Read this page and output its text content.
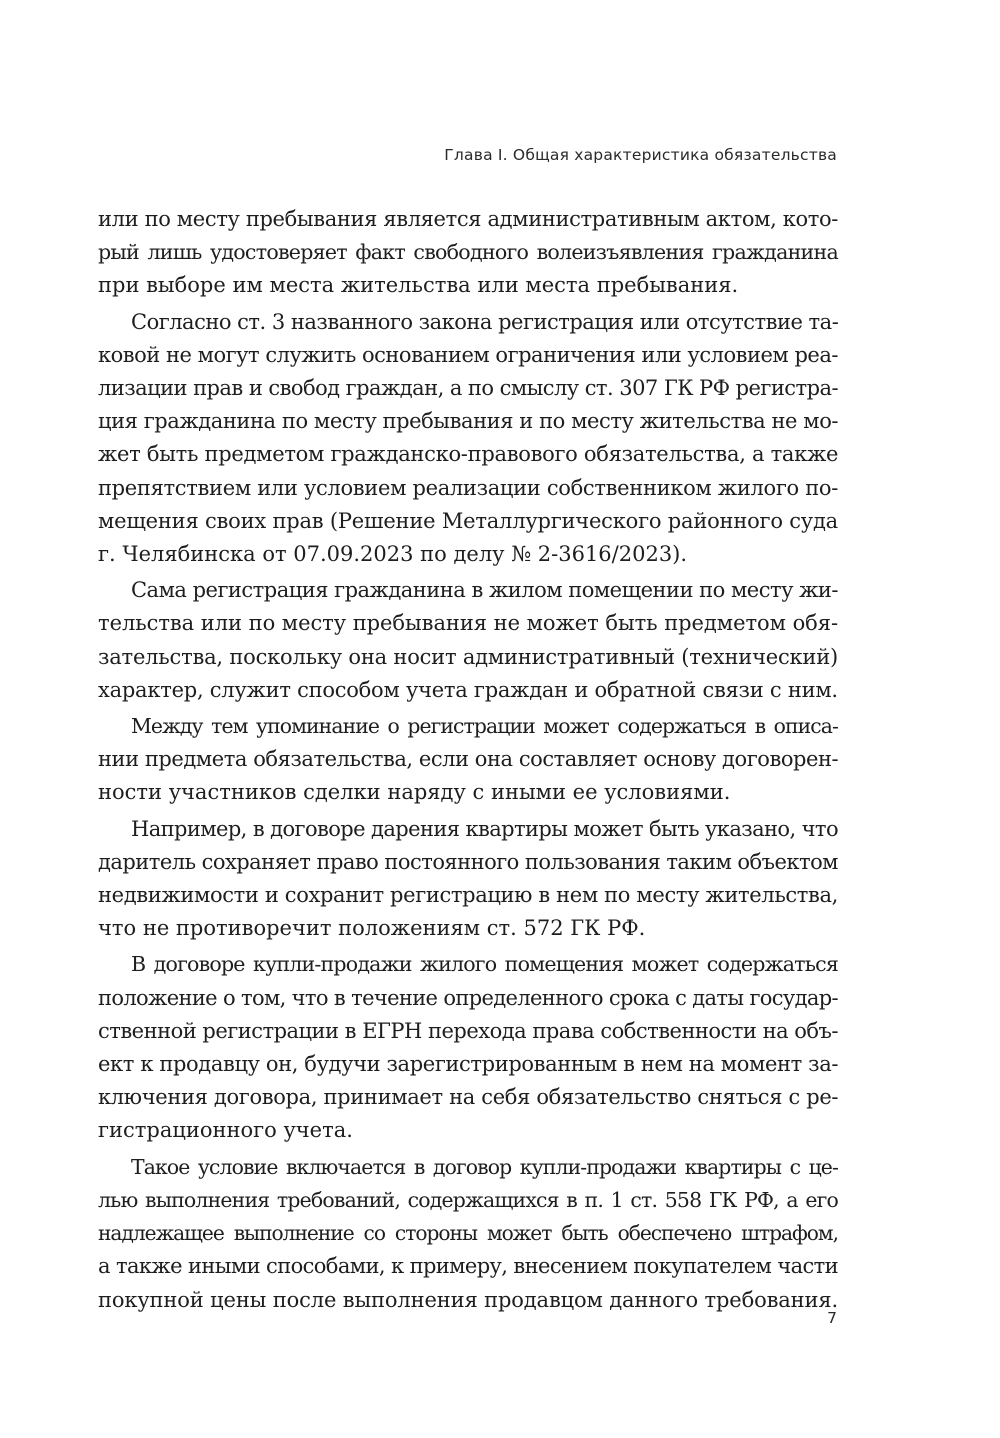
Глава I. Общая характеристика обязательства
или по месту пребывания является административным актом, кото-
рый лишь удостоверяет факт свободного волеизъявления гражданина
при выборе им места жительства или места пребывания.
Согласно ст. 3 названного закона регистрация или отсутствие та-
ковой не могут служить основанием ограничения или условием реа-
лизации прав и свобод граждан, а по смыслу ст. 307 ГК РФ регистра-
ция гражданина по месту пребывания и по месту жительства не мо-
жет быть предметом гражданско-правового обязательства, а также
препятствием или условием реализации собственником жилого по-
мещения своих прав (Решение Металлургического районного суда
г. Челябинска от 07.09.2023 по делу № 2-3616/2023).
Сама регистрация гражданина в жилом помещении по месту жи-
тельства или по месту пребывания не может быть предметом обя-
зательства, поскольку она носит административный (технический)
характер, служит способом учета граждан и обратной связи с ним.
Между тем упоминание о регистрации может содержаться в описа-
нии предмета обязательства, если она составляет основу договорен-
ности участников сделки наряду с иными ее условиями.
Например, в договоре дарения квартиры может быть указано, что
даритель сохраняет право постоянного пользования таким объектом
недвижимости и сохранит регистрацию в нем по месту жительства,
что не противоречит положениям ст. 572 ГК РФ.
В договоре купли-продажи жилого помещения может содержаться
положение о том, что в течение определенного срока с даты государ-
ственной регистрации в ЕГРН перехода права собственности на объ-
ект к продавцу он, будучи зарегистрированным в нем на момент за-
ключения договора, принимает на себя обязательство сняться с ре-
гистрационного учета.
Такое условие включается в договор купли-продажи квартиры с це-
лью выполнения требований, содержащихся в п. 1 ст. 558 ГК РФ, а его
надлежащее выполнение со стороны может быть обеспечено штрафом,
а также иными способами, к примеру, внесением покупателем части
покупной цены после выполнения продавцом данного требования.
7
